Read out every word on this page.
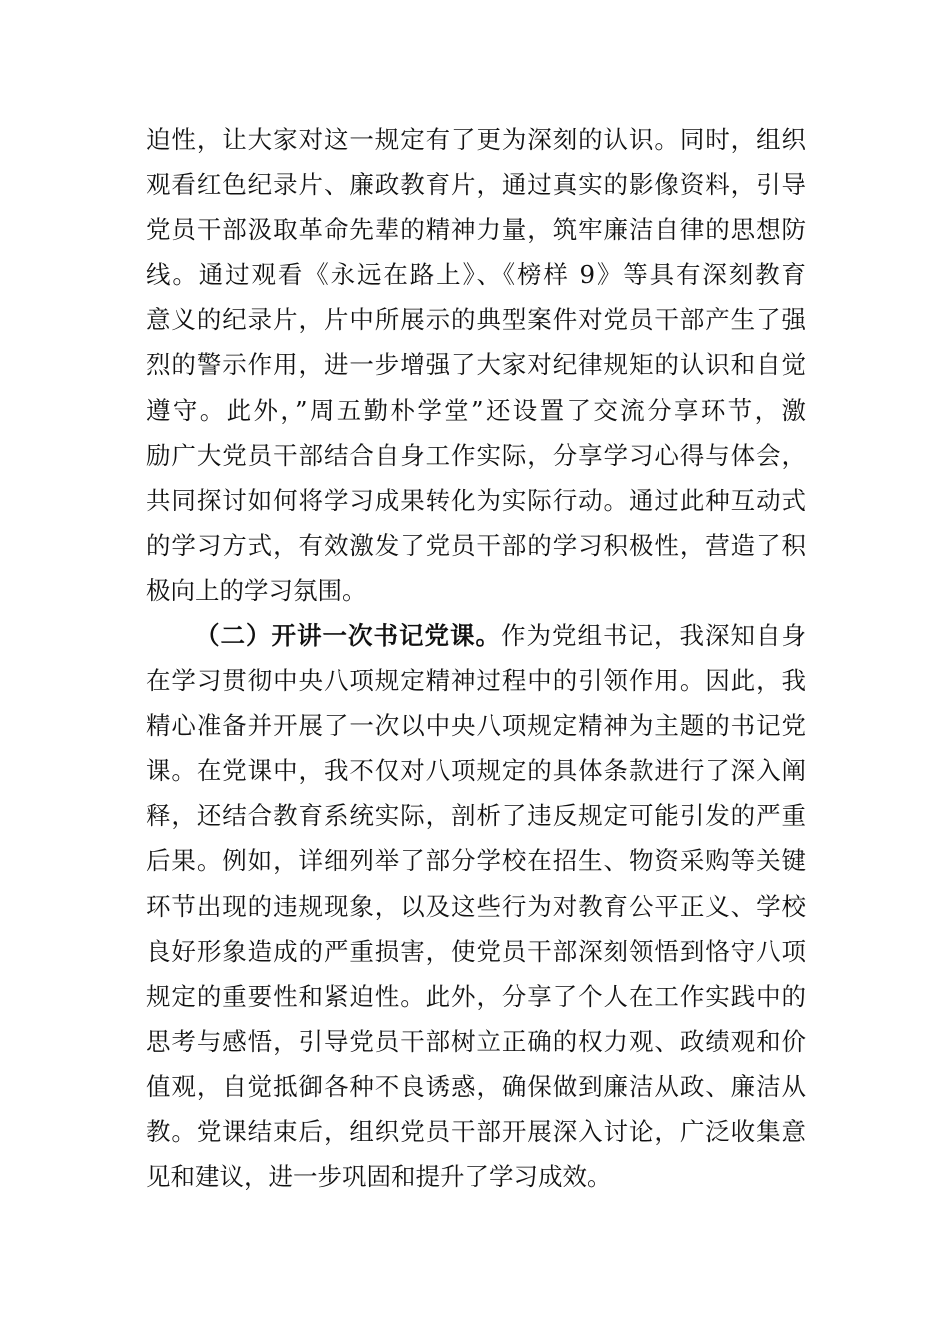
迫性，让大家对这一规定有了更为深刻的认识。同时，组织
观看红色纪录片、廉政教育片，通过真实的影像资料，引导
党员干部汲取革命先辈的精神力量，筑牢廉洁自律的思想防
线。通过观看《永远在路上》、《榜样 9》等具有深刻教育
意义的纪录片，片中所展示的典型案件对党员干部产生了强
烈的警示作用，进一步增强了大家对纪律规矩的认识和自觉
遵守。此外，”周五勤朴学堂”还设置了交流分享环节，激
励广大党员干部结合自身工作实际，分享学习心得与体会，
共同探讨如何将学习成果转化为实际行动。通过此种互动式
的学习方式，有效激发了党员干部的学习积极性，营造了积
极向上的学习氛围。
（二）开讲一次书记党课。作为党组书记，我深知自身
在学习贯彻中央八项规定精神过程中的引领作用。因此，我
精心准备并开展了一次以中央八项规定精神为主题的书记党
课。在党课中，我不仅对八项规定的具体条款进行了深入阐
释，还结合教育系统实际，剖析了违反规定可能引发的严重
后果。例如，详细列举了部分学校在招生、物资采购等关键
环节出现的违规现象，以及这些行为对教育公平正义、学校
良好形象造成的严重损害，使党员干部深刻领悟到恪守八项
规定的重要性和紧迫性。此外，分享了个人在工作实践中的
思考与感悟，引导党员干部树立正确的权力观、政绩观和价
值观，自觉抵御各种不良诱惑，确保做到廉洁从政、廉洁从
教。党课结束后，组织党员干部开展深入讨论，广泛收集意
见和建议，进一步巩固和提升了学习成效。
